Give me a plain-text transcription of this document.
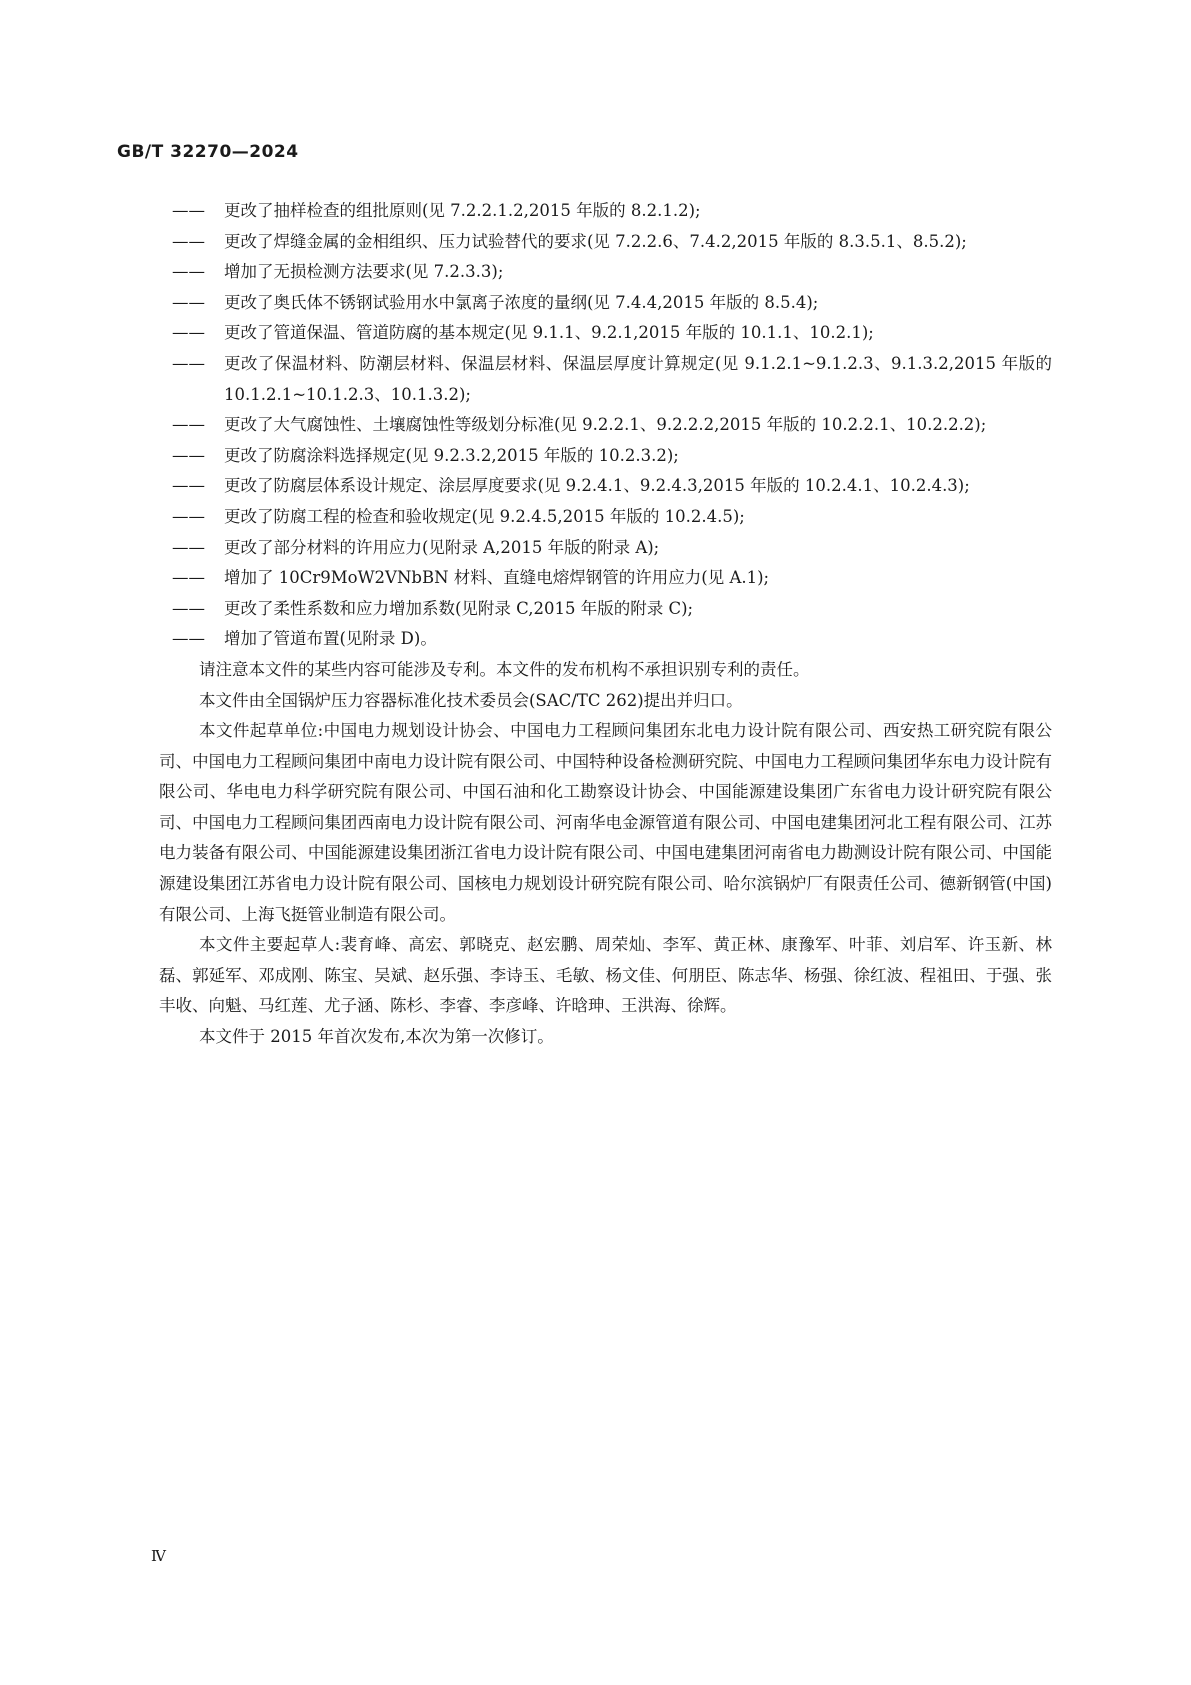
GB/T 32270—2024
——	更改了抽样检查的组批原则(见 7.2.2.1.2,2015 年版的 8.2.1.2);
——	更改了焊缝金属的金相组织、压力试验替代的要求(见 7.2.2.6、7.4.2,2015 年版的 8.3.5.1、8.5.2);
——	增加了无损检测方法要求(见 7.2.3.3);
——	更改了奥氏体不锈钢试验用水中氯离子浓度的量纲(见 7.4.4,2015 年版的 8.5.4);
——	更改了管道保温、管道防腐的基本规定(见 9.1.1、9.2.1,2015 年版的 10.1.1、10.2.1);
——	更改了保温材料、防潮层材料、保温层材料、保温层厚度计算规定(见 9.1.2.1~9.1.2.3、9.1.3.2,2015 年版的 10.1.2.1~10.1.2.3、10.1.3.2);
——	更改了大气腐蚀性、土壤腐蚀性等级划分标准(见 9.2.2.1、9.2.2.2,2015 年版的 10.2.2.1、10.2.2.2);
——	更改了防腐涂料选择规定(见 9.2.3.2,2015 年版的 10.2.3.2);
——	更改了防腐层体系设计规定、涂层厚度要求(见 9.2.4.1、9.2.4.3,2015 年版的 10.2.4.1、10.2.4.3);
——	更改了防腐工程的检查和验收规定(见 9.2.4.5,2015 年版的 10.2.4.5);
——	更改了部分材料的许用应力(见附录 A,2015 年版的附录 A);
——	增加了 10Cr9MoW2VNbBN 材料、直缝电熔焊钢管的许用应力(见 A.1);
——	更改了柔性系数和应力增加系数(见附录 C,2015 年版的附录 C);
——	增加了管道布置(见附录 D)。

请注意本文件的某些内容可能涉及专利。本文件的发布机构不承担识别专利的责任。

本文件由全国锅炉压力容器标准化技术委员会(SAC/TC 262)提出并归口。

本文件起草单位:中国电力规划设计协会、中国电力工程顾问集团东北电力设计院有限公司、西安热工研究院有限公司、中国电力工程顾问集团中南电力设计院有限公司、中国特种设备检测研究院、中国电力工程顾问集团华东电力设计院有限公司、华电电力科学研究院有限公司、中国石油和化工勘察设计协会、中国能源建设集团广东省电力设计研究院有限公司、中国电力工程顾问集团西南电力设计院有限公司、河南华电金源管道有限公司、中国电建集团河北工程有限公司、江苏电力装备有限公司、中国能源建设集团浙江省电力设计院有限公司、中国电建集团河南省电力勘测设计院有限公司、中国能源建设集团江苏省电力设计院有限公司、国核电力规划设计研究院有限公司、哈尔滨锅炉厂有限责任公司、德新钢管(中国)有限公司、上海飞挺管业制造有限公司。

本文件主要起草人:裴育峰、高宏、郭晓克、赵宏鹏、周荣灿、李军、黄正林、康豫军、叶菲、刘启军、许玉新、林磊、郭延军、邓成刚、陈宝、吴斌、赵乐强、李诗玉、毛敏、杨文佳、何朋臣、陈志华、杨强、徐红波、程祖田、于强、张丰收、向魁、马红莲、尤子涵、陈杉、李睿、李彦峰、许晗珅、王洪海、徐辉。

本文件于 2015 年首次发布,本次为第一次修订。

Ⅳ
